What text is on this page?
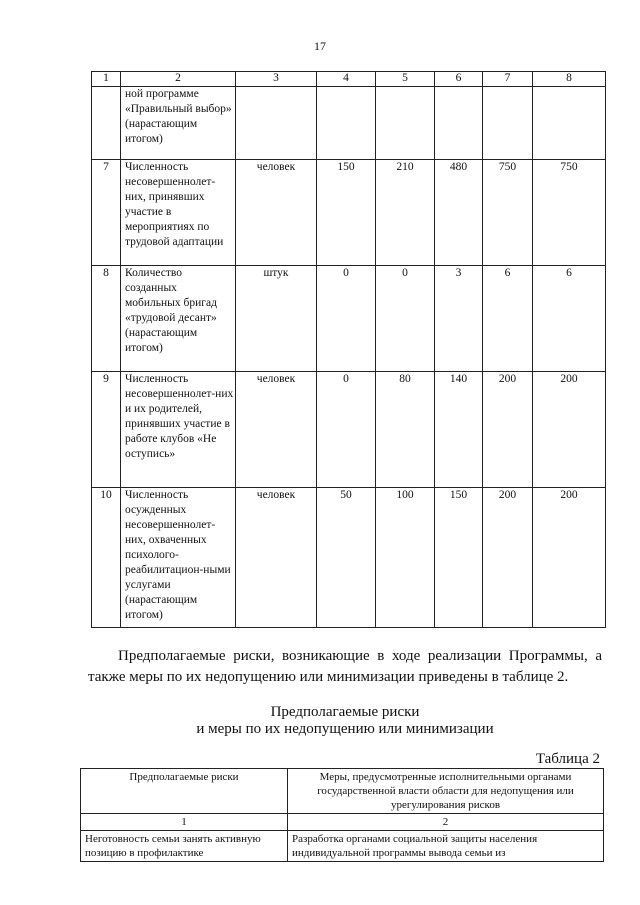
17
1	2	3	4	5	6	7	8
	ной программе «Правильный выбор» (нарастающим итогом)						
7	Численность несовершеннолет-них, принявших участие в мероприятиях по трудовой адаптации	человек	150	210	480	750	750
8	Количество созданных мобильных бригад «трудовой десант» (нарастающим итогом)	штук	0	0	3	6	6
9	Численность несовершеннолет-них и их родителей, принявших участие в работе клубов «Не оступись»	человек	0	80	140	200	200
10	Численность осужденных несовершеннолет-них, охваченных психолого-реабилитацион-ными услугами (нарастающим итогом)	человек	50	100	150	200	200
Предполагаемые риски, возникающие в ходе реализации Программы, а также меры по их недопущению или минимизации приведены в таблице 2.
Предполагаемые риски
и меры по их недопущению или минимизации
Таблица 2
Предполагаемые риски	Меры, предусмотренные исполнительными органами государственной власти области для недопущения или урегулирования рисков
1	2
Неготовность семьи занять активную позицию в профилактике	Разработка органами социальной защиты населения индивидуальной программы вывода семьи из
